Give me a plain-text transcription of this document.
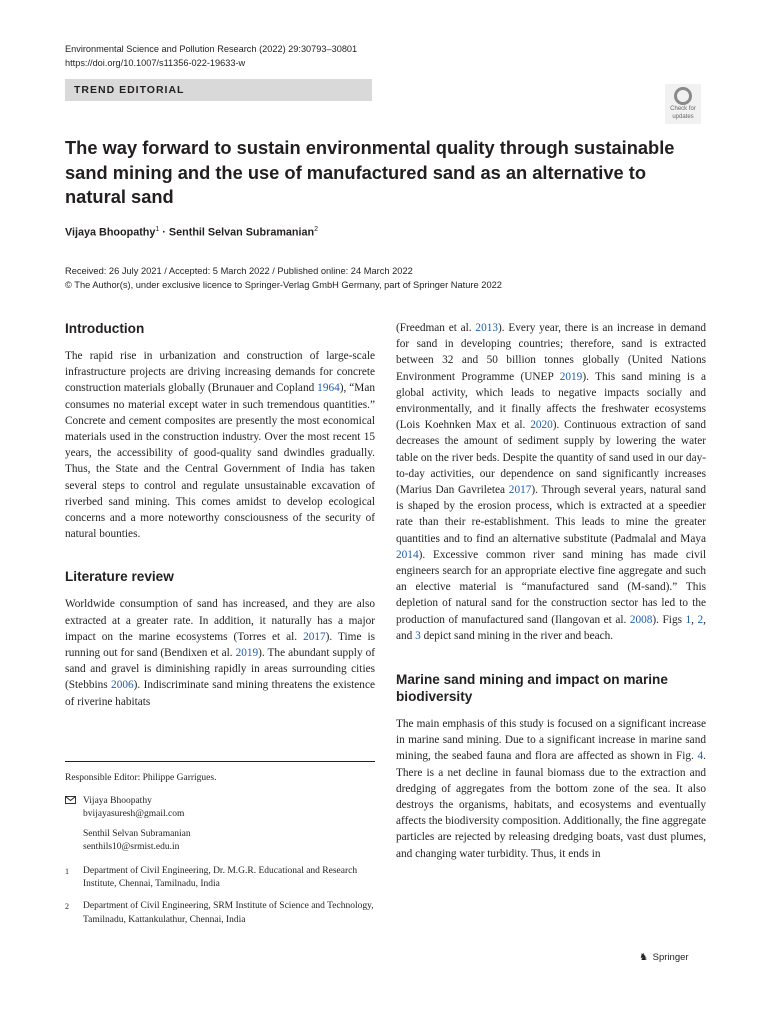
Environmental Science and Pollution Research (2022) 29:30793–30801
https://doi.org/10.1007/s11356-022-19633-w
TREND EDITORIAL
Check for
updates
The way forward to sustain environmental quality through sustainable sand mining and the use of manufactured sand as an alternative to natural sand
Vijaya Bhoopathy$^1$ · Senthil Selvan Subramanian$^2$
Received: 26 July 2021 / Accepted: 5 March 2022 / Published online: 24 March 2022
© The Author(s), under exclusive licence to Springer-Verlag GmbH Germany, part of Springer Nature 2022
Introduction

The rapid rise in urbanization and construction of large-scale infrastructure projects are driving increasing demands for concrete construction materials globally (Brunauer and Copland 1964), “Man consumes no material except water in such tremendous quantities.” Concrete and cement composites are presently the most economical materials used in the construction industry. Over the most recent 15 years, the accessibility of good-quality sand dwindles gradually. Thus, the State and the Central Government of India has taken several steps to control and regulate unsustainable excavation of riverbed sand mining. This comes amidst to develop ecological concerns and a more noteworthy consciousness of the security of natural bounties.

Literature review

Worldwide consumption of sand has increased, and they are also extracted at a greater rate. In addition, it naturally has a major impact on the marine ecosystems (Torres et al. 2017). Time is running out for sand (Bendixen et al. 2019). The abundant supply of sand and gravel is diminishing rapidly in areas surrounding cities (Stebbins 2006). Indiscriminate sand mining threatens the existence of riverine habitats

Responsible Editor: Philippe Garrigues.
Vijaya Bhoopathy
bvijayasuresh@gmail.com
Senthil Selvan Subramanian
senthils10@srmist.edu.in
1	Department of Civil Engineering, Dr. M.G.R. Educational and Research Institute, Chennai, Tamilnadu, India
2	Department of Civil Engineering, SRM Institute of Science and Technology, Tamilnadu, Kattankulathur, Chennai, India

(Freedman et al. 2013). Every year, there is an increase in demand for sand in developing countries; therefore, sand is extracted between 32 and 50 billion tonnes globally (United Nations Environment Programme (UNEP 2019). This sand mining is a global activity, which leads to negative impacts socially and environmentally, and it finally affects the freshwater ecosystems (Lois Koehnken Max et al. 2020). Continuous extraction of sand decreases the amount of sediment supply by lowering the water table on the river beds. Despite the quantity of sand used in our day-to-day activities, our dependence on sand significantly increases (Marius Dan Gavriletea 2017). Through several years, natural sand is shaped by the erosion process, which is extracted at a speedier rate than their re-establishment. This leads to mine the greater quantities and to find an alternative substitute (Padmalal and Maya 2014). Excessive common river sand mining has made civil engineers search for an appropriate elective fine aggregate and such an elective material is “manufactured sand (M-sand).” This depletion of natural sand for the construction sector has led to the production of manufactured sand (Ilangovan et al. 2008). Figs 1, 2, and 3 depict sand mining in the river and beach.

Marine sand mining and impact on marine biodiversity

The main emphasis of this study is focused on a significant increase in marine sand mining. Due to a significant increase in marine sand mining, the seabed fauna and flora are affected as shown in Fig. 4. There is a net decline in faunal biomass due to the extraction and dredging of aggregates from the bottom zone of the sea. It also destroys the organisms, habitats, and ecosystems and eventually affects the biodiversity composition. Additionally, the fine aggregate particles are rejected by releasing dredging boats, vast dust plumes, and changing water turbidity. Thus, it ends in

♞ Springer
